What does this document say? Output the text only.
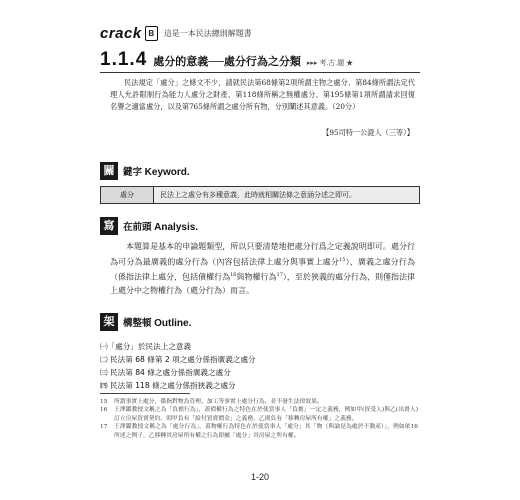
crack B	這是一本民法總則解題書
1.1.4 處分的意義──處分行為之分類 ▸▸▸ 考.古.題 ★
民法規定「處分」之條文不少，請就民法第68條第2項所謂主物之處分、第84條所謂法定代理人允許限制行為能力人處分之財產、第118條所稱之無權處分、第195條第1項所謂請求回復名譽之適當處分，以及第765條所謂之處分所有物，分別闡述其意義。（20分）
【95司特一公證人（三等）】
關 鍵字 Keyword.
處分	民法上之處分有多種意義，此時就相關法條之意涵分述之即可。
寫 在前頭 Analysis.
本題算是基本的申論題類型，所以只要清楚地把處分行爲之定義說明即可。處分行為可分為最廣義的處分行為（內容包括法律上處分與事實上處分$^{15}$）、廣義之處分行為（係指法律上處分，包括債權行為$^{16}$與物權行為$^{17}$），至於狹義的處分行為，則僅指法律上處分中之物權行為（處分行為）而言。
架 構整頓 Outline.
㈠「處分」於民法上之意義
㈡ 民法第 68 條第 2 項之處分係指廣義之處分
㈢ 民法第 84 條之處分係指廣義之處分
㈣ 民法第 118 條之處分係指狹義之處分
15	所謂事實上處分，係指對物為管理、加工等事實上處分行為，並不發生法律效果。
16	王澤鑑教授文稱之為「負擔行為」，蓋債權行為之特色在於使當事人「負擔」一定之義務，例如甲(買受人)與乙(出賣人)訂立房屋買賣契約，則甲負有「給付買賣價金」之義務，乙則負有「移轉房屋所有權」之義務。
17	王澤鑑教授文稱之為「處分行為」，蓋物權行為特色在於使當事人「處分」其「物（與論是為處於不動產）」，例如依16所述之例子，乙移轉其房屋所有權之行為即屬「處分」其房屋之所有權。
1-20
